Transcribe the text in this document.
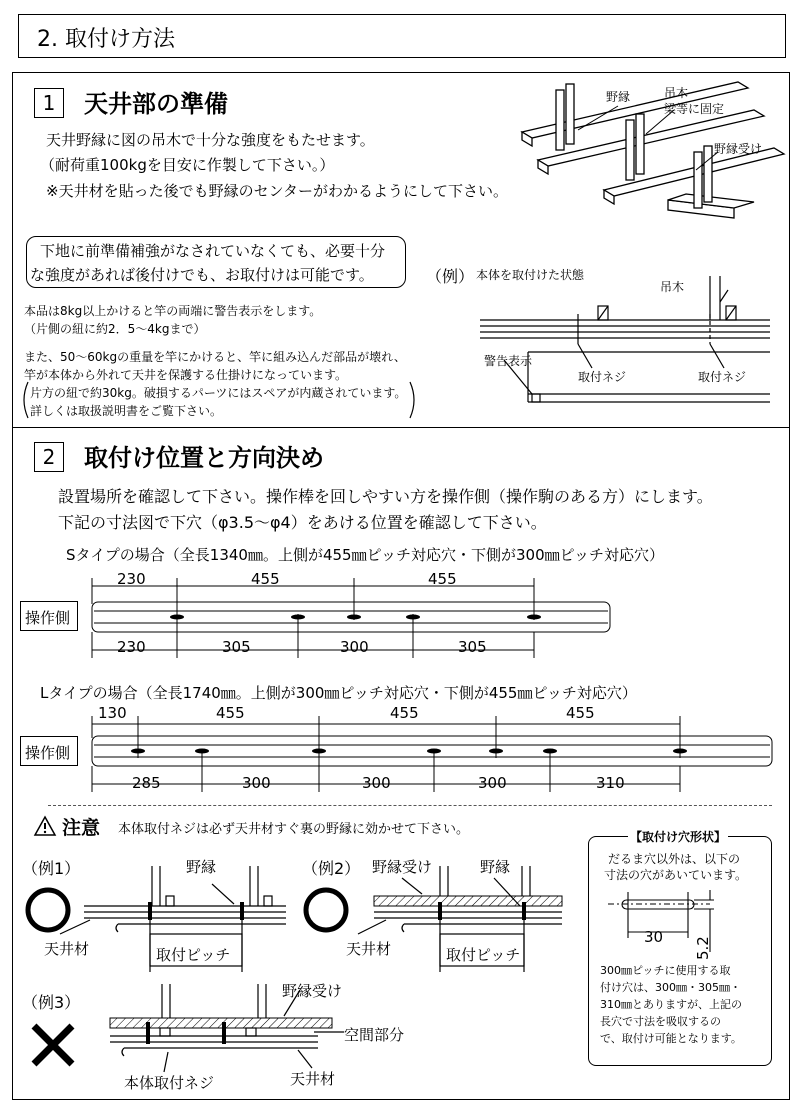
2. 取付け方法
1	天井部の準備
天井野縁に図の吊木で十分な強度をもたせます。
（耐荷重100kgを目安に作製して下さい。）
※天井材を貼った後でも野縁のセンターがわかるようにして下さい。
野縁	吊木
梁等に固定
野縁受け
下地に前準備補強がなされていなくても、必要十分
な強度があれば後付けでも、お取付けは可能です。
本品は8kg以上かけると竿の両端に警告表示をします。
（片側の紐に約2．5～4kgまで）
また、50～60kgの重量を竿にかけると、竿に組み込んだ部品が壊れ、
竿が本体から外れて天井を保護する仕掛けになっています。
片方の紐で約30kg。破損するパーツにはスペアが内蔵されています。
詳しくは取扱説明書をご覧下さい。
（例） 本体を取付けた状態
吊木
警告表示
取付ネジ	取付ネジ
2	取付け位置と方向決め
設置場所を確認して下さい。操作棒を回しやすい方を操作側（操作駒のある方）にします。
下記の寸法図で下穴（φ3.5～φ4）をあける位置を確認して下さい。
Sタイプの場合（全長1340㎜。上側が455㎜ピッチ対応穴・下側が300㎜ピッチ対応穴）
操作側
230	455	455
230	305	300	305
Lタイプの場合（全長1740㎜。上側が300㎜ピッチ対応穴・下側が455㎜ピッチ対応穴）
操作側
130	455	455	455
285	300	300	300	310
注意 本体取付ネジは必ず天井材すぐ裏の野縁に効かせて下さい。
（例1）	野縁
天井材	取付ピッチ
（例2） 野縁受け	野縁
天井材	取付ピッチ
（例3）
野縁受け
空間部分
本体取付ネジ	天井材
【取付け穴形状】
だるま穴以外は、以下の
寸法の穴があいています。
30 5.2
300㎜ピッチに使用する取
付け穴は、300㎜・305㎜・
310㎜とありますが、上記の
長穴で寸法を吸収するの
で、取付け可能となります。
